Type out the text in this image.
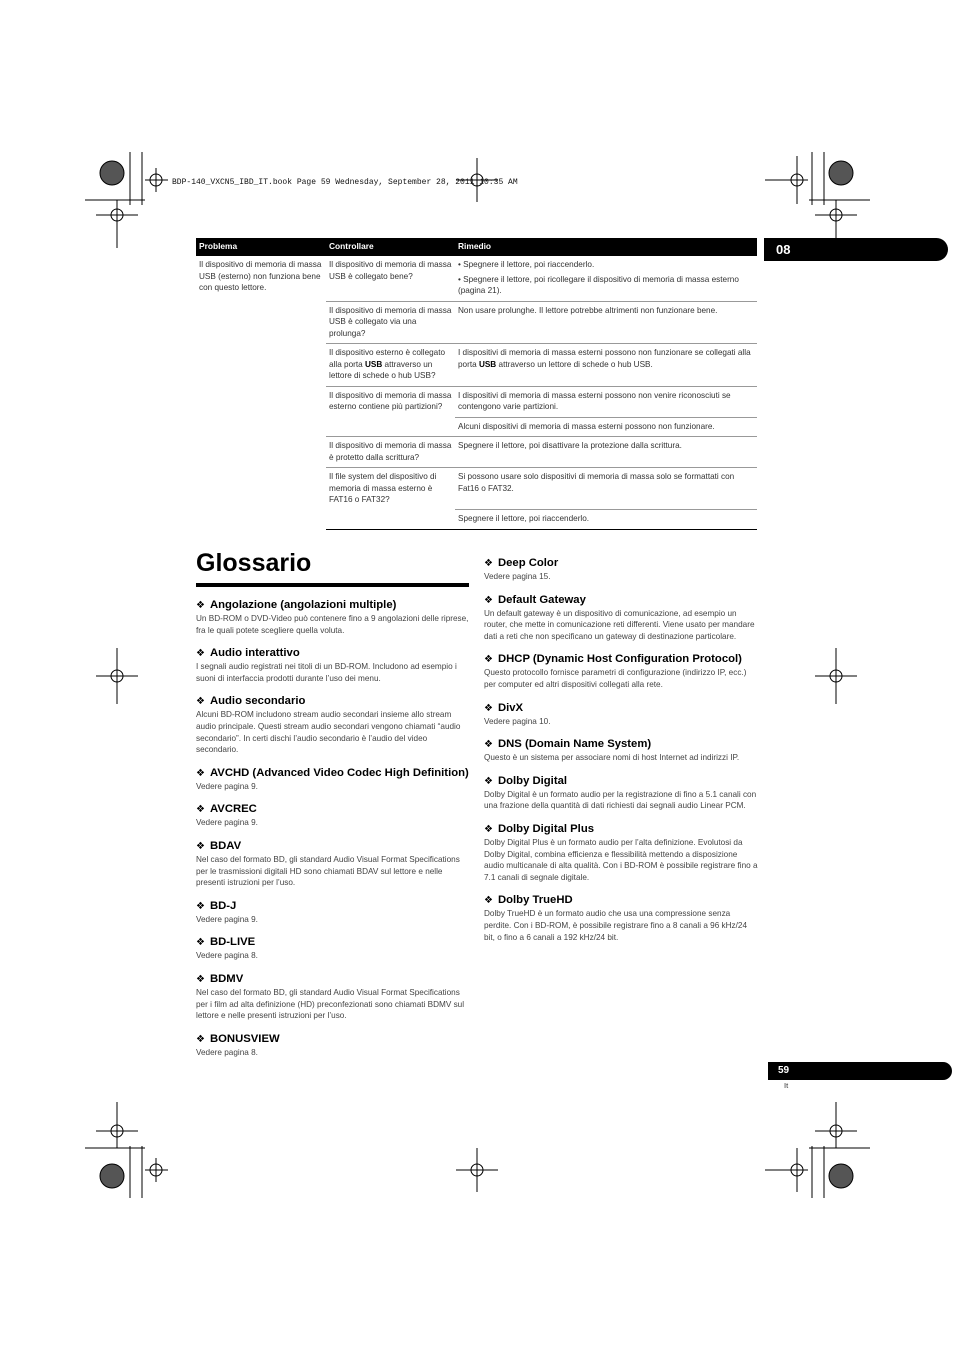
BDP-140_VXCN5_IBD_IT.book Page 59 Wednesday, September 28, 2011 10:35 AM
08
Problema	Controllare	Rimedio
Il dispositivo di memoria di massa USB (esterno) non funziona bene con questo lettore.	Il dispositivo di memoria di massa USB è collegato bene?	• Spegnere il lettore, poi riaccenderlo.
• Spegnere il lettore, poi ricollegare il dispositivo di memoria di massa esterno (pagina 21).

	Il dispositivo di memoria di massa USB è collegato via una prolunga?	Non usare prolunghe. Il lettore potrebbe altrimenti non funzionare bene.
	Il dispositivo esterno è collegato alla porta USB attraverso un lettore di schede o hub USB?	I dispositivi di memoria di massa esterni possono non funzionare se collegati alla porta USB attraverso un lettore di schede o hub USB.
	Il dispositivo di memoria di massa esterno contiene più partizioni?	I dispositivi di memoria di massa esterni possono non venire riconosciuti se contengono varie partizioni.
		Alcuni dispositivi di memoria di massa esterni possono non funzionare.
	Il dispositivo di memoria di massa è protetto dalla scrittura?	Spegnere il lettore, poi disattivare la protezione dalla scrittura.
	Il file system del dispositivo di memoria di massa esterno è FAT16 o FAT32?	Si possono usare solo dispositivi di memoria di massa solo se formattati con Fat16 o FAT32.
		Spegnere il lettore, poi riaccenderlo.
Glossario
❖ Angolazione (angolazioni multiple)
Un BD-ROM o DVD-Video può contenere fino a 9 angolazioni delle riprese, fra le quali potete scegliere quella voluta.
❖ Audio interattivo
I segnali audio registrati nei titoli di un BD-ROM. Includono ad esempio i suoni di interfaccia prodotti durante l’uso dei menu.
❖ Audio secondario
Alcuni BD-ROM includono stream audio secondari insieme allo stream audio principale. Questi stream audio secondari vengono chiamati “audio secondario”. In certi dischi l’audio secondario è l’audio del video secondario.
❖ AVCHD (Advanced Video Codec High Definition)
Vedere pagina 9.
❖ AVCREC
Vedere pagina 9.
❖ BDAV
Nel caso del formato BD, gli standard Audio Visual Format Specifications per le trasmissioni digitali HD sono chiamati BDAV sul lettore e nelle presenti istruzioni per l’uso.
❖ BD-J
Vedere pagina 9.
❖ BD-LIVE
Vedere pagina 8.
❖ BDMV
Nel caso del formato BD, gli standard Audio Visual Format Specifications per i film ad alta definizione (HD) preconfezionati sono chiamati BDMV sul lettore e nelle presenti istruzioni per l’uso.
❖ BONUSVIEW
Vedere pagina 8.
❖ Deep Color
Vedere pagina 15.
❖ Default Gateway
Un default gateway è un dispositivo di comunicazione, ad esempio un router, che mette in comunicazione reti differenti. Viene usato per mandare dati a reti che non specificano un gateway di destinazione particolare.
❖ DHCP (Dynamic Host Configuration Protocol)
Questo protocollo fornisce parametri di configurazione (indirizzo IP, ecc.) per computer ed altri dispositivi collegati alla rete.
❖ DivX
Vedere pagina 10.
❖ DNS (Domain Name System)
Questo è un sistema per associare nomi di host Internet ad indirizzi IP.
❖ Dolby Digital
Dolby Digital è un formato audio per la registrazione di fino a 5.1 canali con una frazione della quantità di dati richiesti dai segnali audio Linear PCM.
❖ Dolby Digital Plus
Dolby Digital Plus è un formato audio per l’alta definizione. Evolutosi da Dolby Digital, combina efficienza e flessibilità mettendo a disposizione audio multicanale di alta qualità. Con i BD-ROM è possibile registrare fino a 7.1 canali di segnale digitale.
❖ Dolby TrueHD
Dolby TrueHD è un formato audio che usa una compressione senza perdite. Con i BD-ROM, è possibile registrare fino a 8 canali a 96 kHz/24 bit, o fino a 6 canali a 192 kHz/24 bit.
59
It
